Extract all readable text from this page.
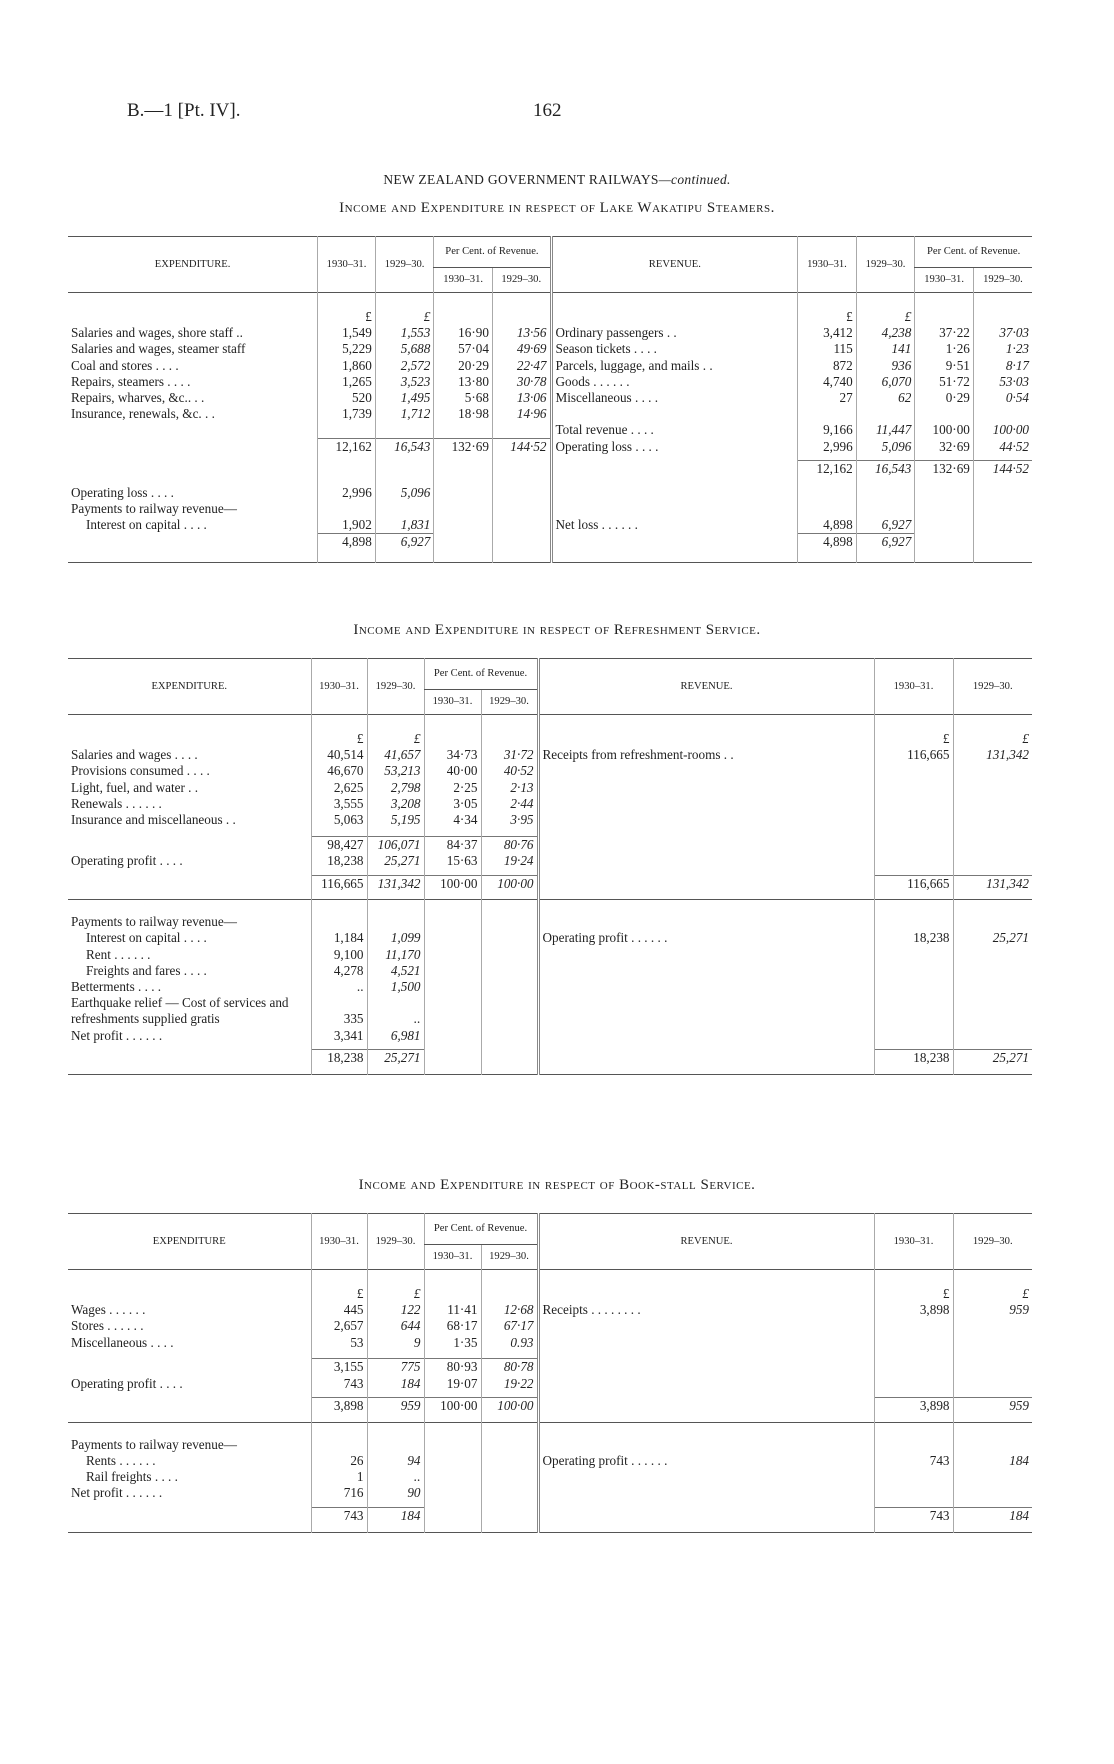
B.—1 [Pt. IV].	162
NEW ZEALAND GOVERNMENT RAILWAYS—continued.
Income and Expenditure in respect of Lake Wakatipu Steamers.
EXPENDITURE.	1930–31.	1929–30.	Per Cent. of Revenue.		REVENUE.	1930–31.	1929–30.	Per Cent. of Revenue.	
			1930–31.	1929–30.				1930–31.	1929–30.

	£	£				£	£		
Salaries and wages, shore staff ..	1,549	1,553	16·90	13·56	Ordinary passengers . .	3,412	4,238	37·22	37·03
Salaries and wages, steamer staff	5,229	5,688	57·04	49·69	Season tickets . . . .	115	141	1·26	1·23
Coal and stores . . . .	1,860	2,572	20·29	22·47	Parcels, luggage, and mails . .	872	936	9·51	8·17
Repairs, steamers . . . .	1,265	3,523	13·80	30·78	Goods . . . . . .	4,740	6,070	51·72	53·03
Repairs, wharves, &c.. . .	520	1,495	5·68	13·06	Miscellaneous . . . .	27	62	0·29	0·54
Insurance, renewals, &c. . .	1,739	1,712	18·98	14·96					
					Total revenue . . . .	9,166	11,447	100·00	100·00
	12,162	16,543	132·69	144·52	Operating loss . . . .	2,996	5,096	32·69	44·52
						12,162	16,543	132·69	144·52
Operating loss . . . .	2,996	5,096							
Payments to railway revenue—									
Interest on capital . . . .	1,902	1,831			Net loss . . . . . .	4,898	6,927		
	4,898	6,927				4,898	6,927		
Income and Expenditure in respect of Refreshment Service.
EXPENDITURE.	1930–31.	1929–30.	Per Cent. of Revenue.		REVENUE.	1930–31.	1929–30.
			1930–31.	1929–30.			

	£	£				£	£
Salaries and wages . . . .	40,514	41,657	34·73	31·72	Receipts from refreshment-rooms . .	116,665	131,342
Provisions consumed . . . .	46,670	53,213	40·00	40·52			
Light, fuel, and water . .	2,625	2,798	2·25	2·13			
Renewals . . . . . .	3,555	3,208	3·05	2·44			
Insurance and miscellaneous . .	5,063	5,195	4·34	3·95			

	98,427	106,071	84·37	80·76			
Operating profit . . . .	18,238	25,271	15·63	19·24			

	116,665	131,342	100·00	100·00		116,665	131,342

Payments to railway revenue—							
Interest on capital . . . .	1,184	1,099			Operating profit . . . . . .	18,238	25,271
Rent . . . . . .	9,100	11,170					
Freights and fares . . . .	4,278	4,521					
Betterments . . . .	..	1,500					
Earthquake relief — Cost of services and refreshments supplied gratis	335	..					
Net profit . . . . . .	3,341	6,981					

	18,238	25,271				18,238	25,271
Income and Expenditure in respect of Book-stall Service.
EXPENDITURE	1930–31.	1929–30.	Per Cent. of Revenue.		REVENUE.	1930–31.	1929–30.
			1930–31.	1929–30.			

	£	£				£	£
Wages . . . . . .	445	122	11·41	12·68	Receipts . . . . . . . .	3,898	959
Stores . . . . . .	2,657	644	68·17	67·17			
Miscellaneous . . . .	53	9	1·35	0.93			

	3,155	775	80·93	80·78			
Operating profit . . . .	743	184	19·07	19·22			

	3,898	959	100·00	100·00		3,898	959

Payments to railway revenue—							
Rents . . . . . .	26	94			Operating profit . . . . . .	743	184
Rail freights . . . .	1	..					
Net profit . . . . . .	716	90					

	743	184				743	184
